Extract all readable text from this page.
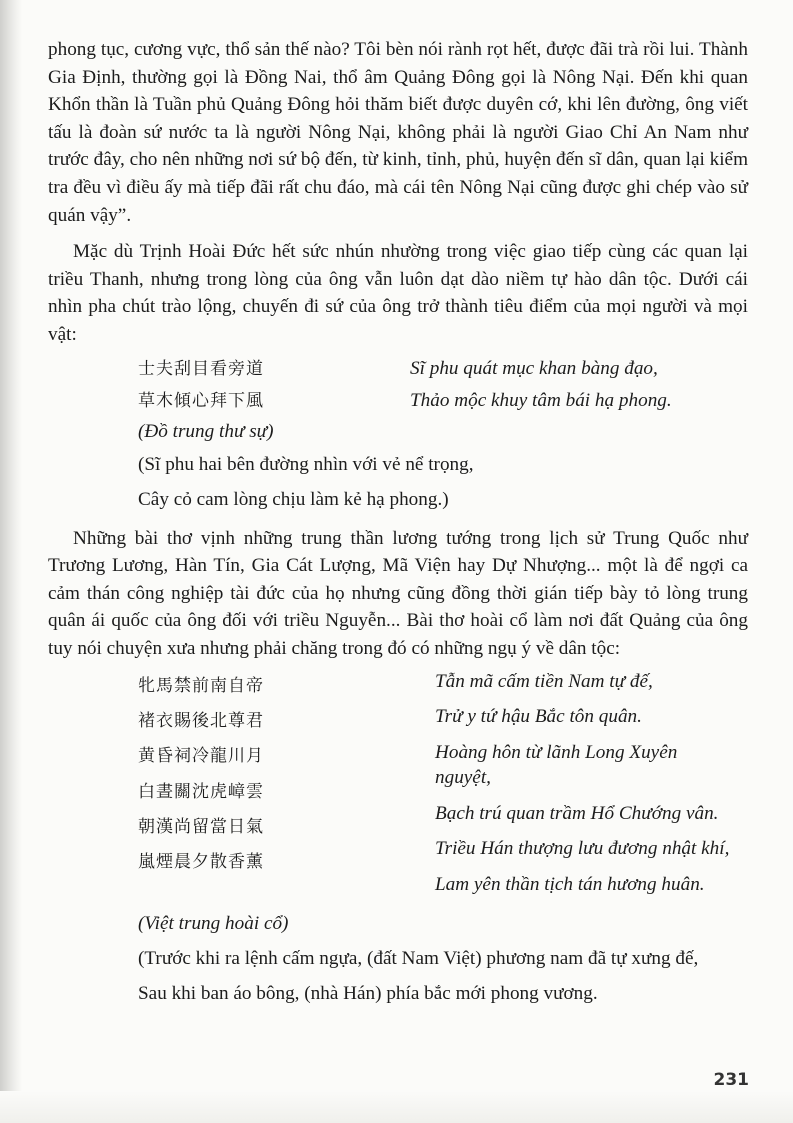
phong tục, cương vực, thổ sản thế nào? Tôi bèn nói rành rọt hết, được đãi trà rồi lui. Thành Gia Định, thường gọi là Đồng Nai, thổ âm Quảng Đông gọi là Nông Nại. Đến khi quan Khổn thần là Tuần phủ Quảng Đông hỏi thăm biết được duyên cớ, khi lên đường, ông viết tấu là đoàn sứ nước ta là người Nông Nại, không phải là người Giao Chỉ An Nam như trước đây, cho nên những nơi sứ bộ đến, từ kinh, tỉnh, phủ, huyện đến sĩ dân, quan lại kiểm tra đều vì điều ấy mà tiếp đãi rất chu đáo, mà cái tên Nông Nại cũng được ghi chép vào sử quán vậy”.

Mặc dù Trịnh Hoài Đức hết sức nhún nhường trong việc giao tiếp cùng các quan lại triều Thanh, nhưng trong lòng của ông vẫn luôn dạt dào niềm tự hào dân tộc. Dưới cái nhìn pha chút trào lộng, chuyến đi sứ của ông trở thành tiêu điểm của mọi người và mọi vật:

士夫刮目看旁道	Sĩ phu quát mục khan bàng đạo,
草木傾心拜下風	Thảo mộc khuy tâm bái hạ phong.
(Đồ trung thư sự)
(Sĩ phu hai bên đường nhìn với vẻ nể trọng,
Cây cỏ cam lòng chịu làm kẻ hạ phong.)

Những bài thơ vịnh những trung thần lương tướng trong lịch sử Trung Quốc như Trương Lương, Hàn Tín, Gia Cát Lượng, Mã Viện hay Dự Nhượng... một là để ngợi ca cảm thán công nghiệp tài đức của họ nhưng cũng đồng thời gián tiếp bày tỏ lòng trung quân ái quốc của ông đối với triều Nguyễn... Bài thơ hoài cổ làm nơi đất Quảng của ông tuy nói chuyện xưa nhưng phải chăng trong đó có những ngụ ý về dân tộc:

牝馬禁前南自帝
褚衣賜後北尊君
黄昏祠冷龍川月
白晝關沈虎嶂雲
朝漢尚留當日氣
嵐煙晨夕散香薰
Tẫn mã cấm tiền Nam tự đế,
Trử y tứ hậu Bắc tôn quân.
Hoàng hôn từ lãnh Long Xuyên nguyệt,
Bạch trú quan trầm Hổ Chướng vân.
Triều Hán thượng lưu đương nhật khí,
Lam yên thần tịch tán hương huân.
(Việt trung hoài cổ)
(Trước khi ra lệnh cấm ngựa, (đất Nam Việt) phương nam đã tự xưng đế,
Sau khi ban áo bông, (nhà Hán) phía bắc mới phong vương.
231
